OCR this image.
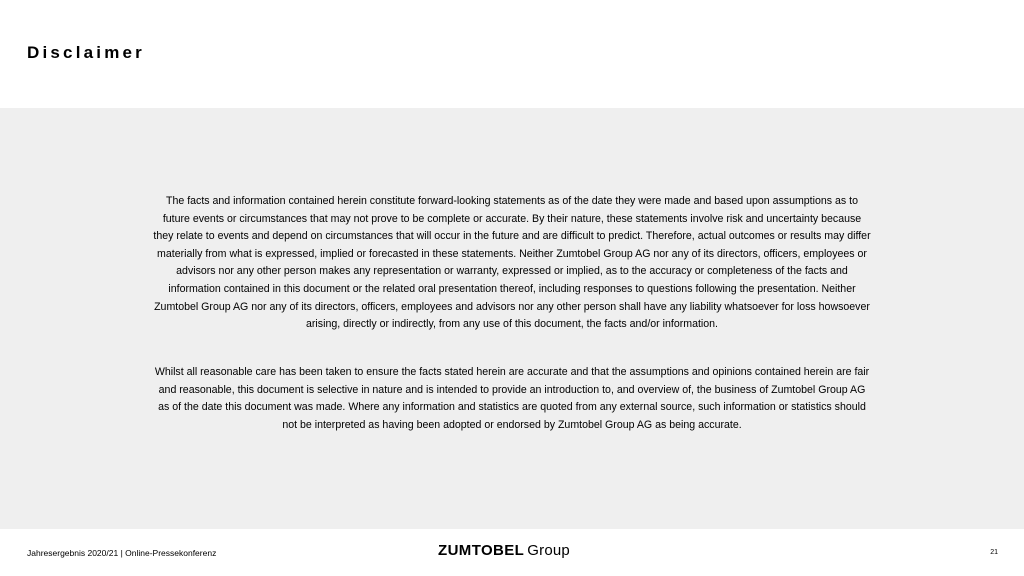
Disclaimer

The facts and information contained herein constitute forward-looking statements as of the date they were made and based upon assumptions as to future events or circumstances that may not prove to be complete or accurate. By their nature, these statements involve risk and uncertainty because they relate to events and depend on circumstances that will occur in the future and are difficult to predict. Therefore, actual outcomes or results may differ materially from what is expressed, implied or forecasted in these statements. Neither Zumtobel Group AG nor any of its directors, officers, employees or advisors nor any other person makes any representation or warranty, expressed or implied, as to the accuracy or completeness of the facts and information contained in this document or the related oral presentation thereof, including responses to questions following the presentation. Neither Zumtobel Group AG nor any of its directors, officers, employees and advisors nor any other person shall have any liability whatsoever for loss howsoever arising, directly or indirectly, from any use of this document, the facts and/or information.

Whilst all reasonable care has been taken to ensure the facts stated herein are accurate and that the assumptions and opinions contained herein are fair and reasonable, this document is selective in nature and is intended to provide an introduction to, and overview of, the business of Zumtobel Group AG as of the date this document was made. Where any information and statistics are quoted from any external source, such information or statistics should not be interpreted as having been adopted or endorsed by Zumtobel Group AG as being accurate.

Jahresergebnis 2020/21 | Online-Pressekonferenz	ZUMTOBEL Group	21
